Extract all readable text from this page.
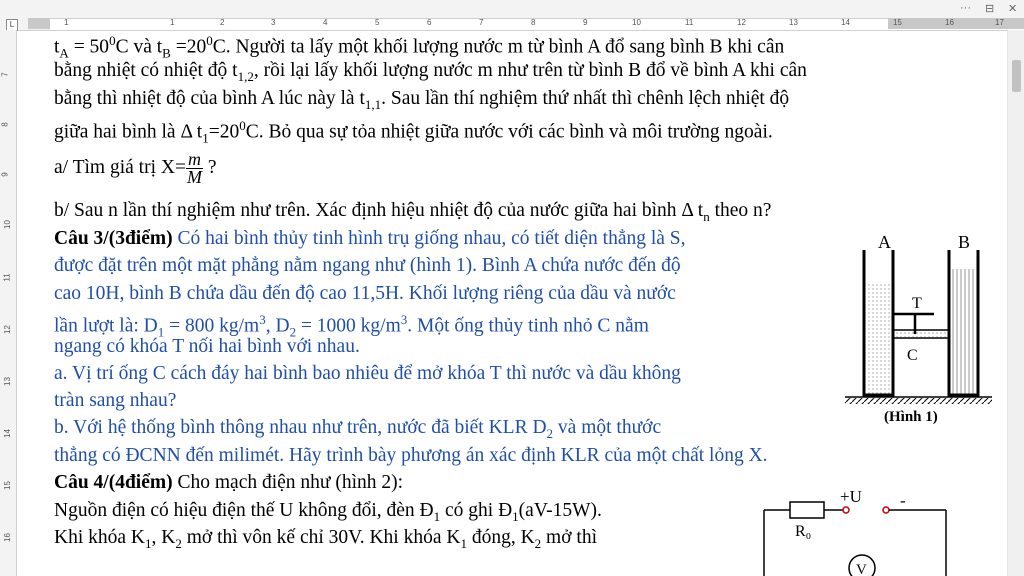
L
··· ⊟ ✕
1	1	2	3	4	5	6	7	8	9	10	11	12	13	14	15	16	17
7
8
9
10
11
12
13
14
15
16
$t_A = 50^0C$ và $t_B =20^0C$. Người ta lấy một khối lượng nước m từ bình A đổ sang bình B khi cân
bằng nhiệt có nhiệt độ $t_{1,2}$, rồi lại lấy khối lượng nước m như trên từ bình B đổ về bình A khi cân
bằng thì nhiệt độ của bình A lúc này là $t_{1,1}$. Sau lần thí nghiệm thứ nhất thì chênh lệch nhiệt độ
giữa hai bình là Δ $t_1=20^0C$. Bỏ qua sự tỏa nhiệt giữa nước với các bình và môi trường ngoài.
a/ Tìm giá trị $X= \frac{m}{M}$ ?
b/ Sau n lần thí nghiệm như trên. Xác định hiệu nhiệt độ của nước giữa hai bình Δ $t_n$ theo n?
Câu 3/(3điểm) Có hai bình thủy tinh hình trụ giống nhau, có tiết diện thẳng là S,
được đặt trên một mặt phẳng nằm ngang như (hình 1). Bình A chứa nước đến độ
cao 10H, bình B chứa dầu đến độ cao 11,5H. Khối lượng riêng của dầu và nước
lần lượt là: $D_1 = 800$ $kg/m^3$, $D_2 = 1000$ $kg/m^3$. Một ống thủy tinh nhỏ C nằm
ngang có khóa T nối hai bình với nhau.
a. Vị trí ống C cách đáy hai bình bao nhiêu để mở khóa T thì nước và dầu không
tràn sang nhau?
b. Với hệ thống bình thông nhau như trên, nước đã biết KLR $D_2$ và một thước
thẳng có ĐCNN đến milimét. Hãy trình bày phương án xác định KLR của một chất lỏng X.
Câu 4/(4điểm) Cho mạch điện như (hình 2):
Nguồn điện có hiệu điện thế U không đổi, đèn $Đ_1$ có ghi $Đ_1(aV-15W)$.
Khi khóa $K_1$, $K_2$ mở thì vôn kế chỉ 30V. Khi khóa $K_1$ đóng, $K_2$ mở thì
A	B
T
C
(Hình 1)
R₀
+U -
V
